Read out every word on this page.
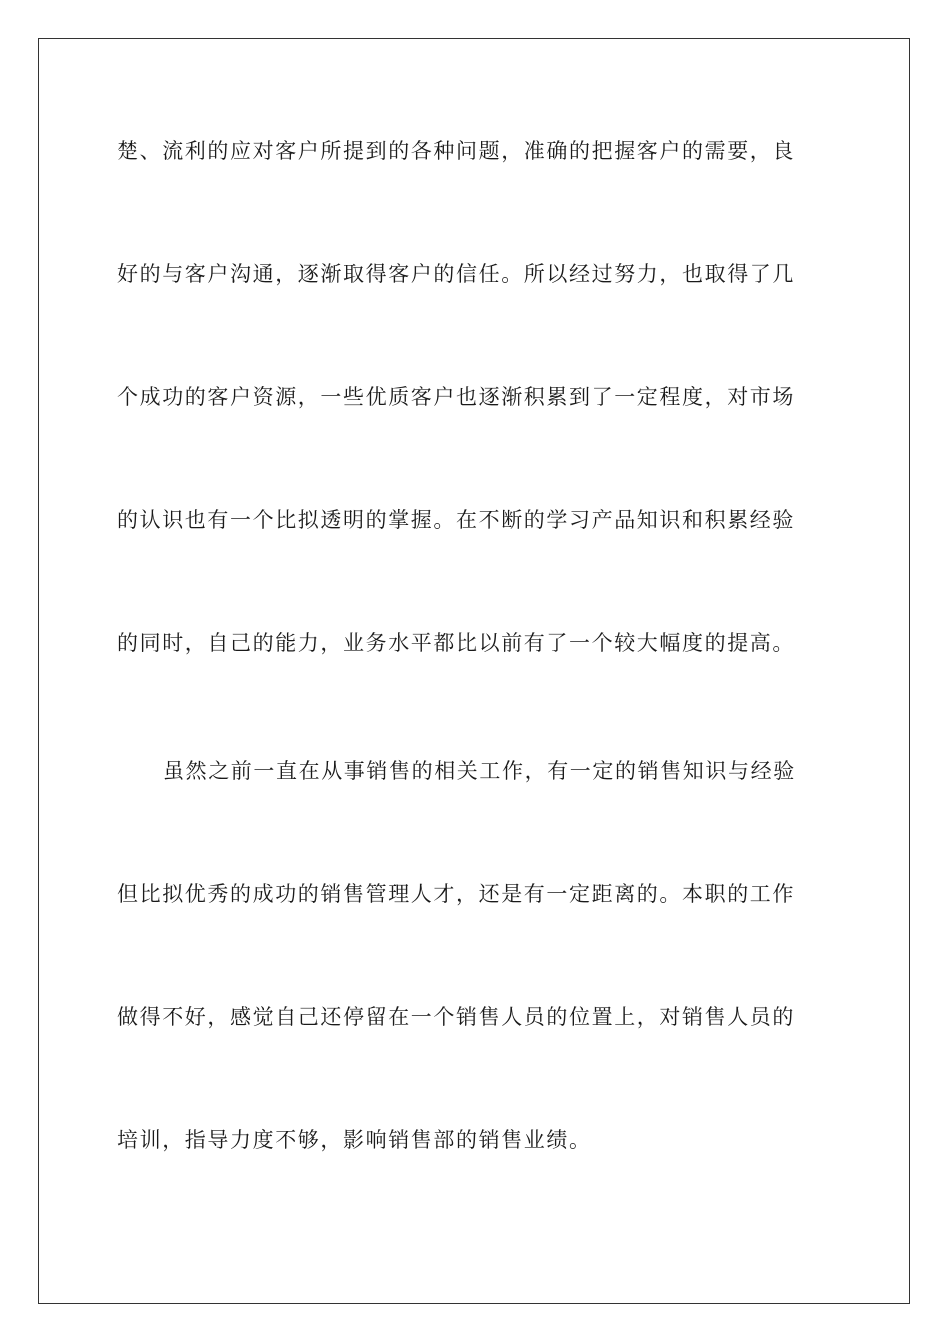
楚、流利的应对客户所提到的各种问题，准确的把握客户的需要，良
好的与客户沟通，逐渐取得客户的信任。所以经过努力，也取得了几
个成功的客户资源，一些优质客户也逐渐积累到了一定程度，对市场
的认识也有一个比拟透明的掌握。在不断的学习产品知识和积累经验
的同时，自己的能力，业务水平都比以前有了一个较大幅度的提高。
虽然之前一直在从事销售的相关工作，有一定的销售知识与经验
但比拟优秀的成功的销售管理人才，还是有一定距离的。本职的工作
做得不好，感觉自己还停留在一个销售人员的位置上，对销售人员的
培训，指导力度不够，影响销售部的销售业绩。
